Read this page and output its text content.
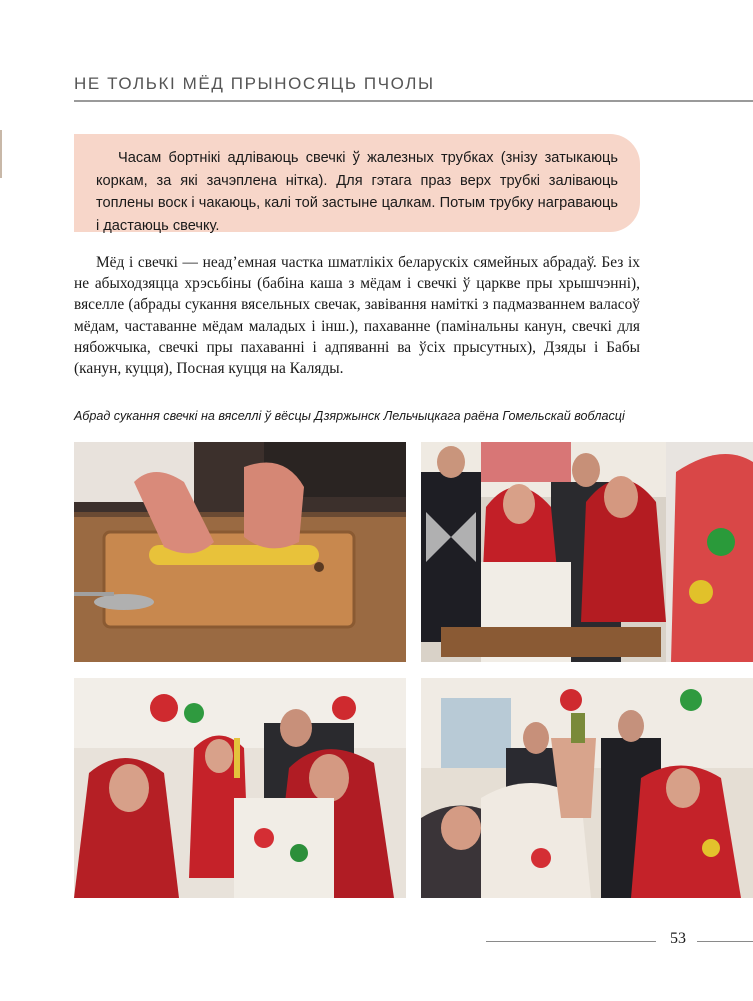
НЕ ТОЛЬКІ МЁД ПРЫНОСЯЦЬ ПЧОЛЫ

Часам бортнікі адліваюць свечкі ў жалезных трубках (знізу затыкаюць коркам, за які зачэплена нітка). Для гэтага праз верх трубкі заліваюць топлены воск і чакаюць, калі той застыне цалкам. Потым трубку награваюць і дастаюць свечку.

Мёд і свечкі — неад’емная частка шматлікіх беларускіх сямейных абрадаў. Без іх не абыходзяцца хрэсьбіны (бабіна каша з мёдам і свечкі ў царкве пры хрышчэнні), вяселле (абрады сукання вясельных свечак, завівання наміткі з падмазваннем валасоў мёдам, частаванне мёдам маладых і інш.), пахаванне (памінальны канун, свечкі для нябожчыка, свечкі пры пахаванні і адпяванні ва ўсіх прысутных), Дзяды і Бабы (канун, куцця), Посная куцця на Каляды.

Абрад сукання свечкі на вяселлі ў вёсцы Дзяржынск Лельчыцкага раёна Гомельскай вобласці
53
